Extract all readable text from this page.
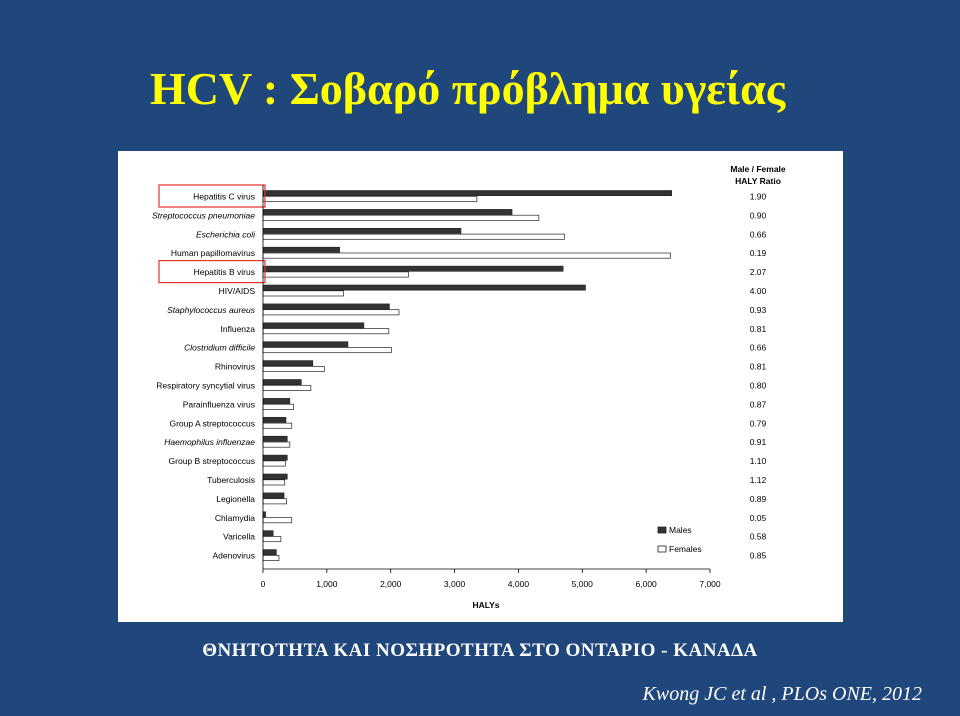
HCV : Σοβαρό πρόβλημα υγείας
Male / Female
HALY Ratio
Hepatitis C virus	1.90
Streptococcus pneumoniae	0.90
Escherichia coli	0.66
Human papillomavirus	0.19
Hepatitis B virus	2.07
HIV/AIDS	4.00
Staphylococcus aureus	0.93
Influenza	0.81
Clostridium difficile	0.66
Rhinovirus	0.81
Respiratory syncytial virus	0.80
Parainfluenza virus	0.87
Group A streptococcus	0.79
Haemophilus influenzae	0.91
Group B streptococcus	1.10
Tuberculosis	1.12
Legionella	0.89
Chlamydia	0.05
Varicella	0.58
Adenovirus	0.85
0	1,000	2,000	3,000	4,000	5,000	6,000	7,000
HALYs
Males
Females
ΘΝΗΤΟΤΗΤΑ ΚΑΙ ΝΟΣΗΡΟΤΗΤΑ ΣΤΟ ΟΝΤΑΡΙΟ - ΚΑΝΑΔΑ
Kwong JC et al , PLOs ONE, 2012
